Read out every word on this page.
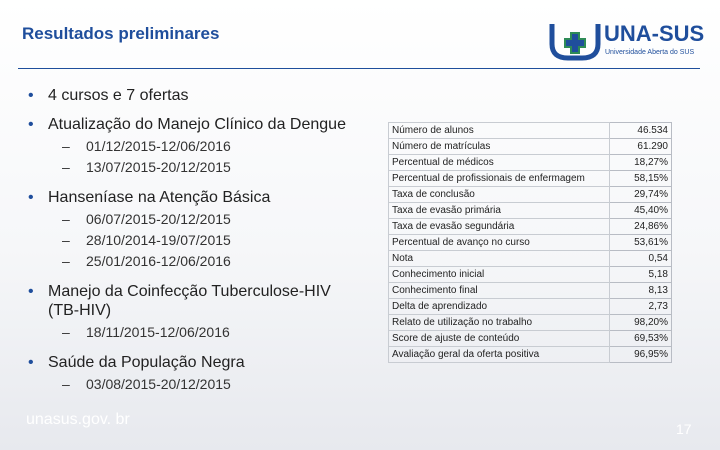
Resultados preliminares	UNA-SUS
Universidade Aberta do SUS
• 4 cursos e 7 ofertas
• Atualização do Manejo Clínico da Dengue
– 01/12/2015-12/06/2016
– 13/07/2015-20/12/2015
• Hanseníase na Atenção Básica
– 06/07/2015-20/12/2015
– 28/10/2014-19/07/2015
– 25/01/2016-12/06/2016
• Manejo da Coinfecção Tuberculose-HIV (TB-HIV)
– 18/11/2015-12/06/2016
• Saúde da População Negra
– 03/08/2015-20/12/2015
Número de alunos	46.534
Número de matrículas	61.290
Percentual de médicos	18,27%
Percentual de profissionais de enfermagem	58,15%
Taxa de conclusão	29,74%
Taxa de evasão primária	45,40%
Taxa de evasão segundária	24,86%
Percentual de avanço no curso	53,61%
Nota	0,54
Conhecimento inicial	5,18
Conhecimento final	8,13
Delta de aprendizado	2,73
Relato de utilização no trabalho	98,20%
Score de ajuste de conteúdo	69,53%
Avaliação geral da oferta positiva	96,95%
unasus.gov. br
17
